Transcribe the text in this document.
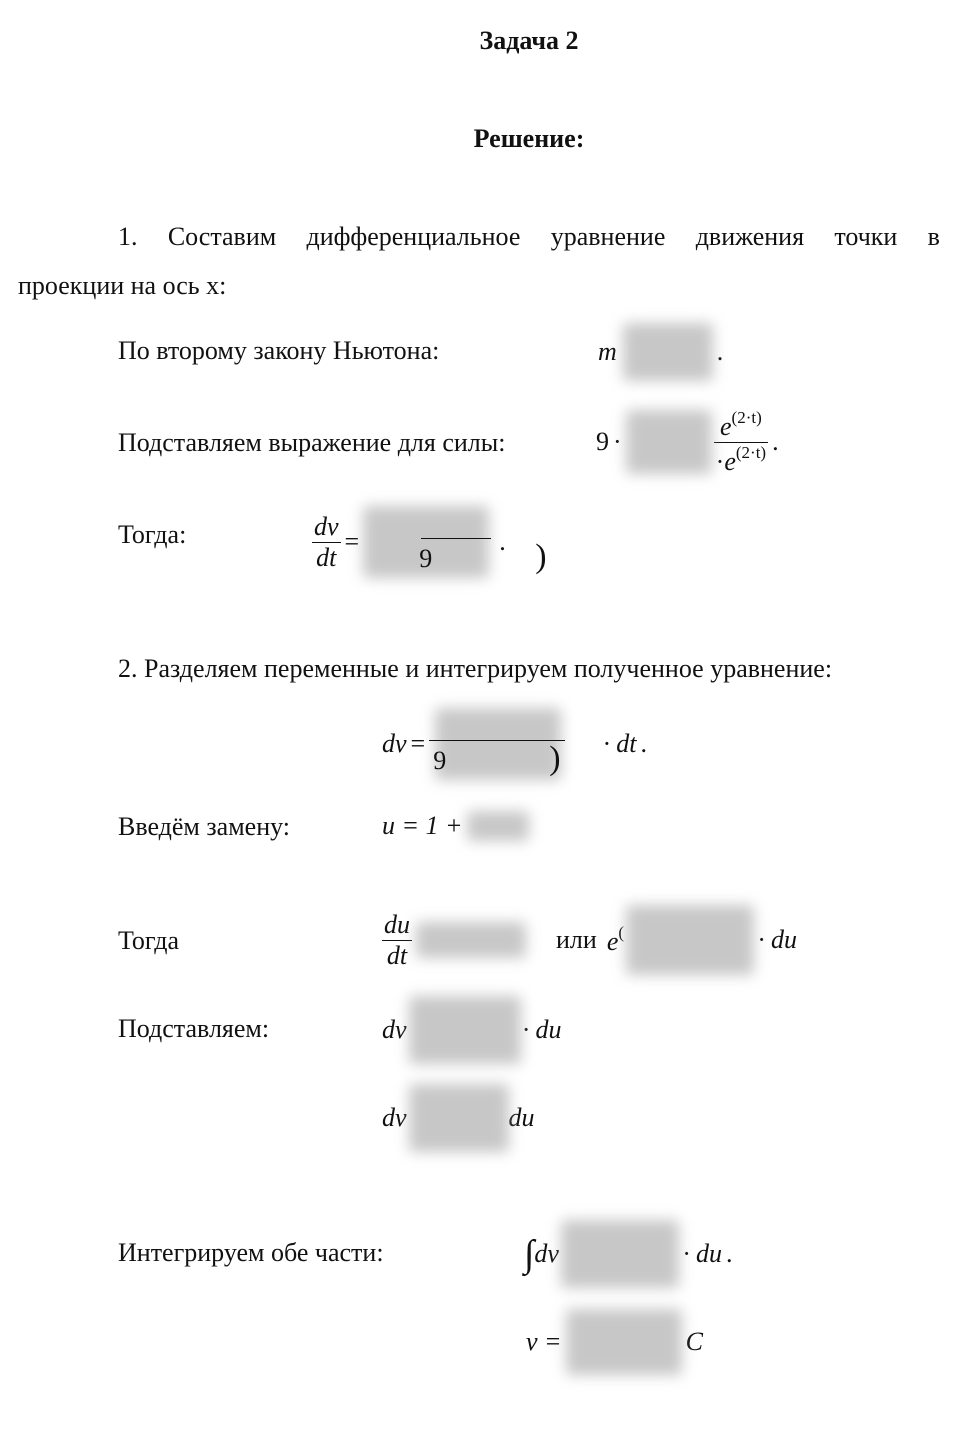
Задача 2
Решение:
1. Составим дифференциальное уравнение движения точки в
проекции на ось x:
По второму закону Ньютона:	m	.
Подставляем выражение для силы:	9 ·	$\frac{e^{(2\cdot t)}}{\cdot e^{(2\cdot t)}}$ .
Тогда:	$\frac{dv}{dt}$ =
9	)
.
2. Разделяем переменные и интегрируем полученное уравнение:
dv =
9	) · dt .
Введём замену:	u = 1 +
Тогда	$\frac{du}{dt}$	или e(	· du
Подставляем:	dv	· du
dv	du
Интегрируем обе части:	∫ dv	· du .
v =	C
